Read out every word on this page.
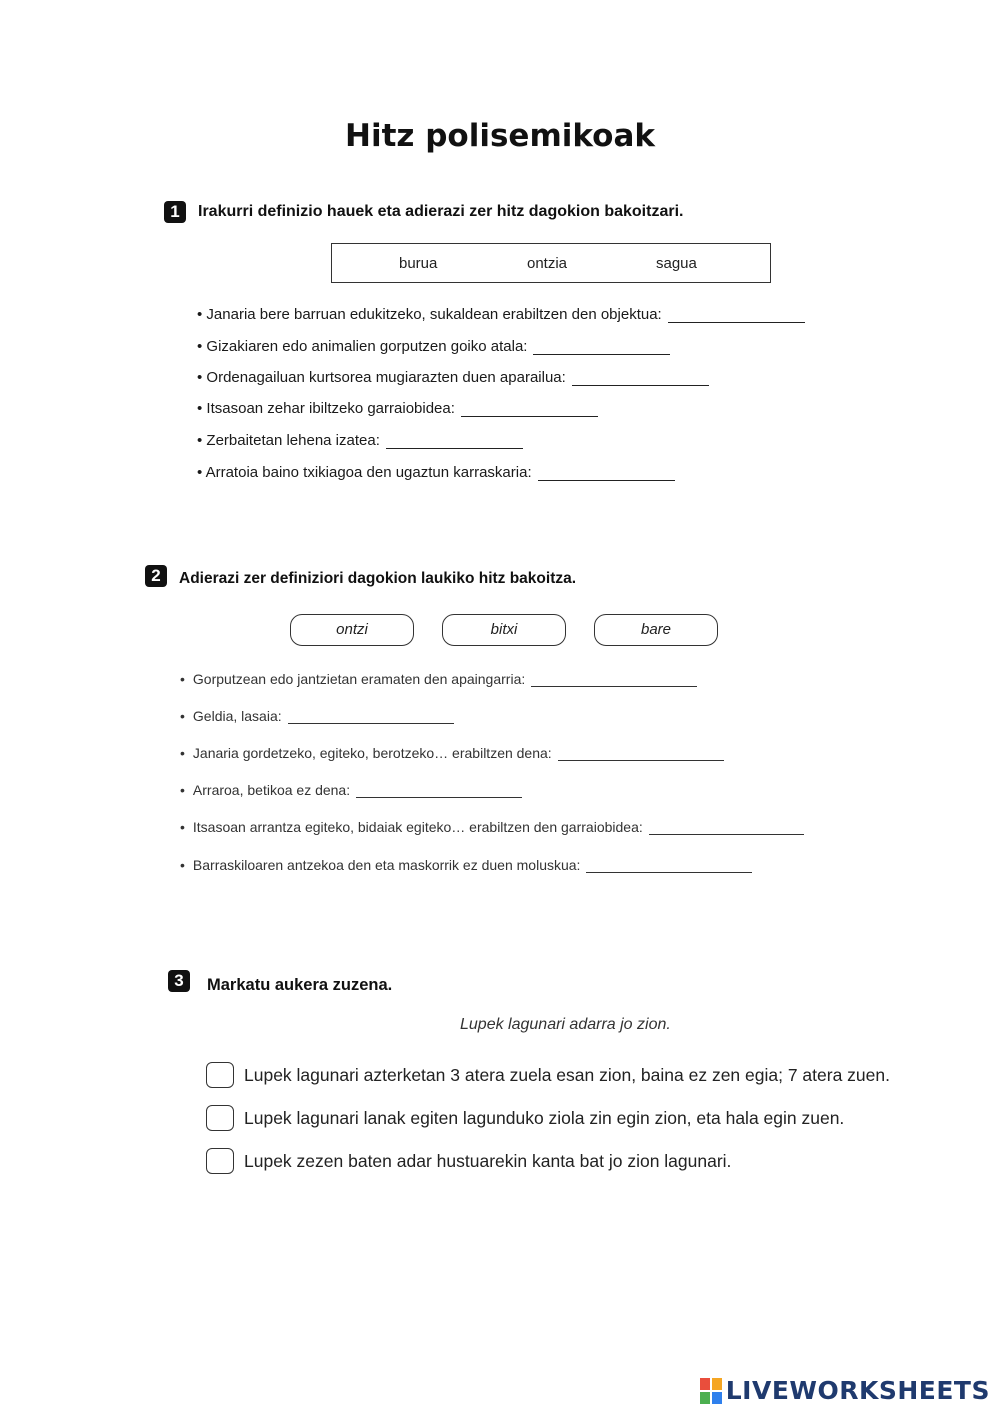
Hitz polisemikoak
1	Irakurri definizio hauek eta adierazi zer hitz dagokion bakoitzari.
burua	ontzia	sagua
• Janaria bere barruan edukitzeko, sukaldean erabiltzen den objektua:
• Gizakiaren edo animalien gorputzen goiko atala:
• Ordenagailuan kurtsorea mugiarazten duen aparailua:
• Itsasoan zehar ibiltzeko garraiobidea:
• Zerbaitetan lehena izatea:
• Arratoia baino txikiagoa den ugaztun karraskaria:
2	Adierazi zer definiziori dagokion laukiko hitz bakoitza.
ontzi	bitxi	bare
• Gorputzean edo jantzietan eramaten den apaingarria:
• Geldia, lasaia:
• Janaria gordetzeko, egiteko, berotzeko… erabiltzen dena:
• Arraroa, betikoa ez dena:
• Itsasoan arrantza egiteko, bidaiak egiteko… erabiltzen den garraiobidea:
• Barraskiloaren antzekoa den eta maskorrik ez duen moluskua:
3	Markatu aukera zuzena.
Lupek lagunari adarra jo zion.
Lupek lagunari azterketan 3 atera zuela esan zion, baina ez zen egia; 7 atera zuen.
Lupek lagunari lanak egiten lagunduko ziola zin egin zion, eta hala egin zuen.
Lupek zezen baten adar hustuarekin kanta bat jo zion lagunari.
LIVEWORKSHEETS
